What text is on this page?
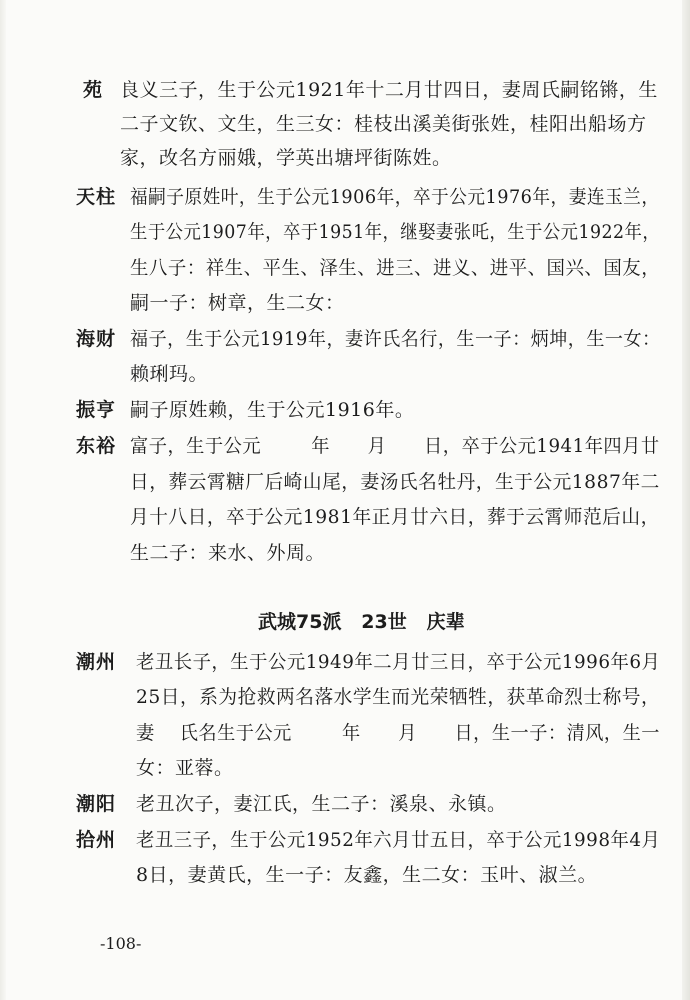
苑 良义三子，生于公元1921年十二月廿四日，妻周氏嗣铭锵，生
二子文钦、文生，生三女：桂枝出溪美街张姓，桂阳出船场方
家，改名方丽娥，学英出塘坪街陈姓。
天柱 福嗣子原姓叶，生于公元1906年，卒于公元1976年，妻连玉兰，
生于公元1907年，卒于1951年，继娶妻张吒，生于公元1922年，
生八子：祥生、平生、泽生、进三、进义、进平、国兴、国友，
嗣一子：树章，生二女：
海财 福子，生于公元1919年，妻许氏名行，生一子：炳坤，生一女：
赖琍玛。
振亨 嗣子原姓赖，生于公元1916年。
东裕 富子，生于公元        年      月      日，卒于公元1941年四月廿
日，葬云霄糖厂后崎山尾，妻汤氏名牡丹，生于公元1887年二
月十八日，卒于公元1981年正月廿六日，葬于云霄师范后山，
生二子：来水、外周。
武城75派   23世   庆辈
潮州 老丑长子，生于公元1949年二月廿三日，卒于公元1996年6月
25日，系为抢救两名落水学生而光荣牺牲，获革命烈士称号，
妻    氏名生于公元        年      月      日，生一子：清风，生一
女：亚蓉。
潮阳 老丑次子，妻江氏，生二子：溪泉、永镇。
拾州 老丑三子，生于公元1952年六月廿五日，卒于公元1998年4月
8日，妻黄氏，生一子：友鑫，生二女：玉叶、淑兰。
-108-
